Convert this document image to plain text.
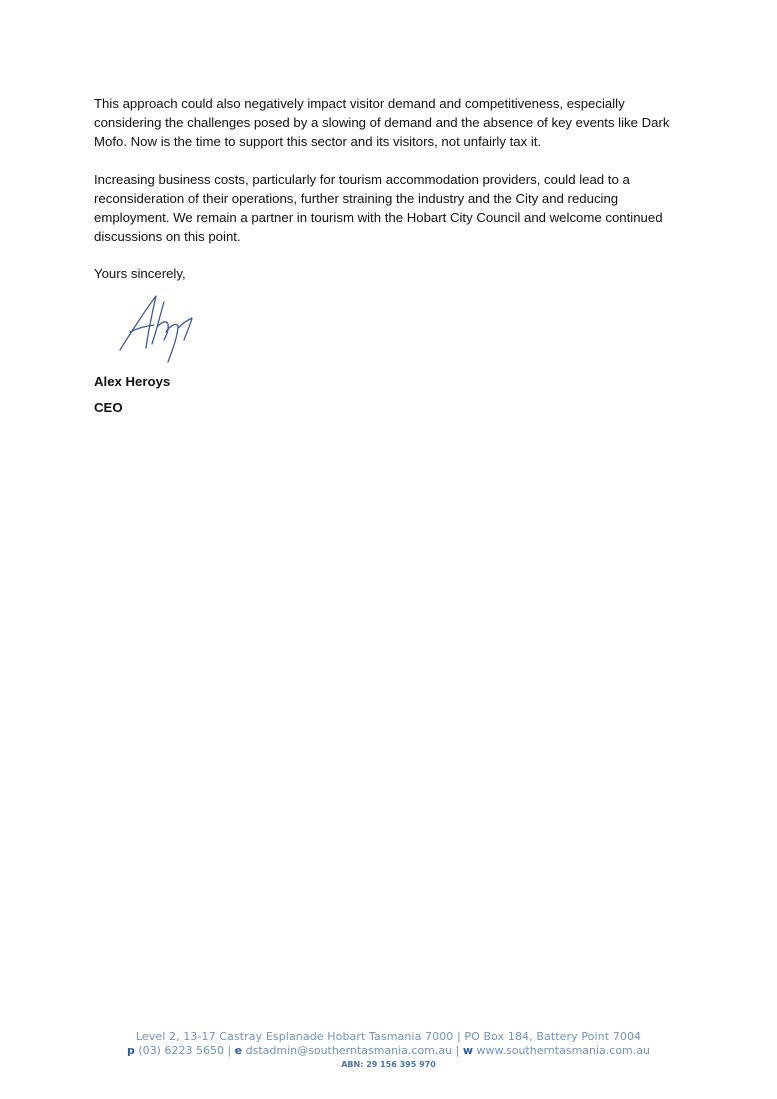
This approach could also negatively impact visitor demand and competitiveness, especially considering the challenges posed by a slowing of demand and the absence of key events like Dark Mofo. Now is the time to support this sector and its visitors, not unfairly tax it.

Increasing business costs, particularly for tourism accommodation providers, could lead to a reconsideration of their operations, further straining the industry and the City and reducing employment. We remain a partner in tourism with the Hobart City Council and welcome continued discussions on this point.

Yours sincerely,

Alex Heroys

CEO

Level 2, 13-17 Castray Esplanade Hobart Tasmania 7000 | PO Box 184, Battery Point 7004
p (03) 6223 5650 | e dstadmin@southerntasmania.com.au | w www.southerntasmania.com.au
ABN: 29 156 395 970
